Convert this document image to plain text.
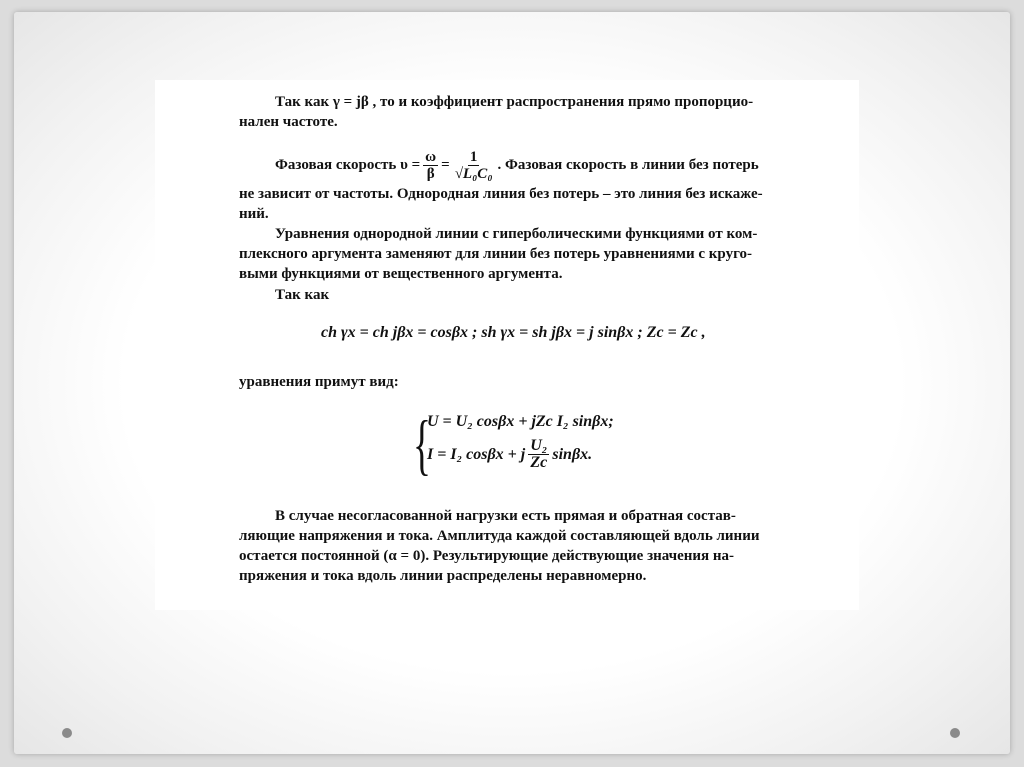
Так как γ = jβ , то и коэффициент распространения прямо пропорцио-
нален частоте.
Фазовая скорость $\upsilon = \frac{\omega}{\beta} = \frac{1}{\text{√L₀C₀}}$ . Фазовая скорость в линии без потерь
не зависит от частоты. Однородная линия без потерь – это линия без искаже-
ний.
Уравнения однородной линии с гиперболическими функциями от ком-
плексного аргумента заменяют для линии без потерь уравнениями с круго-
выми функциями от вещественного аргумента.
Так как
ch γx = ch jβx = cosβx ; sh γx = sh jβx = j sinβx ; Zc = Zc ,
уравнения примут вид:
{
U = U₂ cosβx + jZc I₂ sinβx;
I = I₂ cosβx + j $\frac{\text{U₂}}{Zc} \sin\beta x$.
В случае несогласованной нагрузки есть прямая и обратная состав-
ляющие напряжения и тока. Амплитуда каждой составляющей вдоль линии
остается постоянной (α = 0). Результирующие действующие значения на-
пряжения и тока вдоль линии распределены неравномерно.
